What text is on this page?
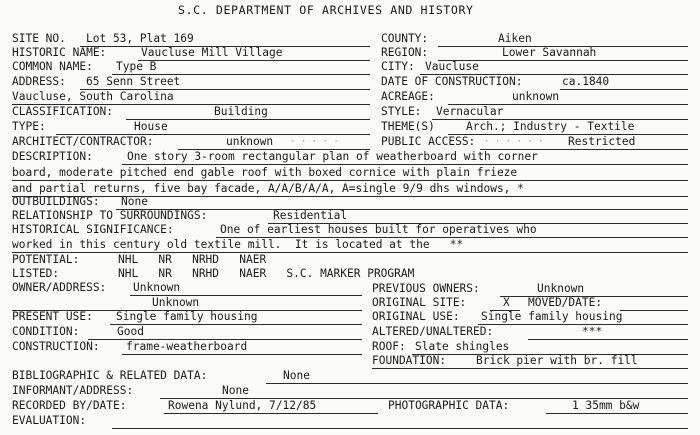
S.C. DEPARTMENT OF ARCHIVES AND HISTORY
SITE NO. Lot 53, Plat 169
HISTORIC NAME:	Vaucluse Mill Village
COMMON NAME: Type B
ADDRESS: 65 Senn Street
Vaucluse, South Carolina
CLASSIFICATION:	Building
TYPE:	House
ARCHITECT/CONTRACTOR:	unknown · · · · ·
COUNTY:	Aiken
REGION:	Lower Savannah
CITY: Vaucluse
DATE OF CONSTRUCTION:	ca.1840
ACREAGE:	unknown
STYLE: Vernacular
THEME(S)	Arch.; Industry - Textile
PUBLIC ACCESS:	Restricted
· · · · · ·
DESCRIPTION:	One story 3-room rectangular plan of weatherboard with corner
board, moderate pitched end gable roof with boxed cornice with plain frieze
and partial returns, five bay facade, A/A/B/A/A, A=single 9/9 dhs windows, *
OUTBUILDINGS: None
RELATIONSHIP TO SURROUNDINGS:	Residential
HISTORICAL SIGNIFICANCE:	One of earliest houses built for operatives who
worked in this century old textile mill.  It is located at the   **
POTENTIAL:	NHL   NR   NRHD   NAER
LISTED:	NHL   NR   NRHD   NAER   S.C. MARKER PROGRAM
OWNER/ADDRESS: Unknown
Unknown
PREVIOUS OWNERS:	Unknown
ORIGINAL SITE:	X MOVED/DATE:
PRESENT USE: Single family housing	ORIGINAL USE: Single family housing
CONDITION:	Good	ALTERED/UNALTERED:	***
CONSTRUCTION: frame-weatherboard	ROOF: Slate shingles
FOUNDATION:	Brick pier with br. fill
BIBLIOGRAPHIC & RELATED DATA:	None
INFORMANT/ADDRESS:	None
RECORDED BY/DATE:	Rowena Nylund, 7/12/85	PHOTOGRAPHIC DATA:	1 35mm b&w
EVALUATION:
